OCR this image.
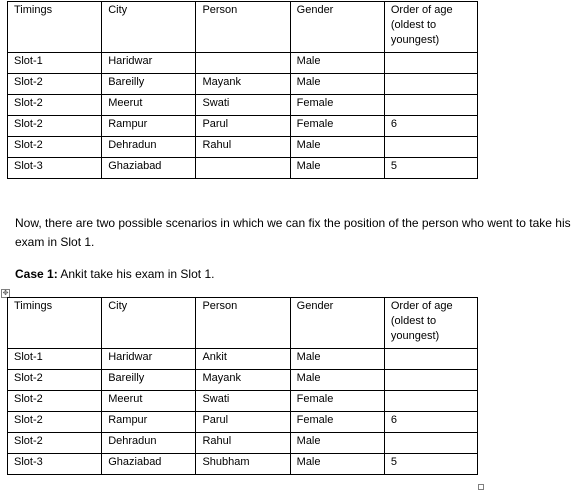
Timings	City	Person	Gender	Order of age (oldest to youngest)
Slot-1	Haridwar		Male	
Slot-2	Bareilly	Mayank	Male	
Slot-2	Meerut	Swati	Female	
Slot-2	Rampur	Parul	Female	6
Slot-2	Dehradun	Rahul	Male	
Slot-3	Ghaziabad		Male	5

Now, there are two possible scenarios in which we can fix the position of the person who went to take his exam in Slot 1.

Case 1: Ankit take his exam in Slot 1.

✥
Timings	City	Person	Gender	Order of age (oldest to youngest)
Slot-1	Haridwar	Ankit	Male	
Slot-2	Bareilly	Mayank	Male	
Slot-2	Meerut	Swati	Female	
Slot-2	Rampur	Parul	Female	6
Slot-2	Dehradun	Rahul	Male	
Slot-3	Ghaziabad	Shubham	Male	5
